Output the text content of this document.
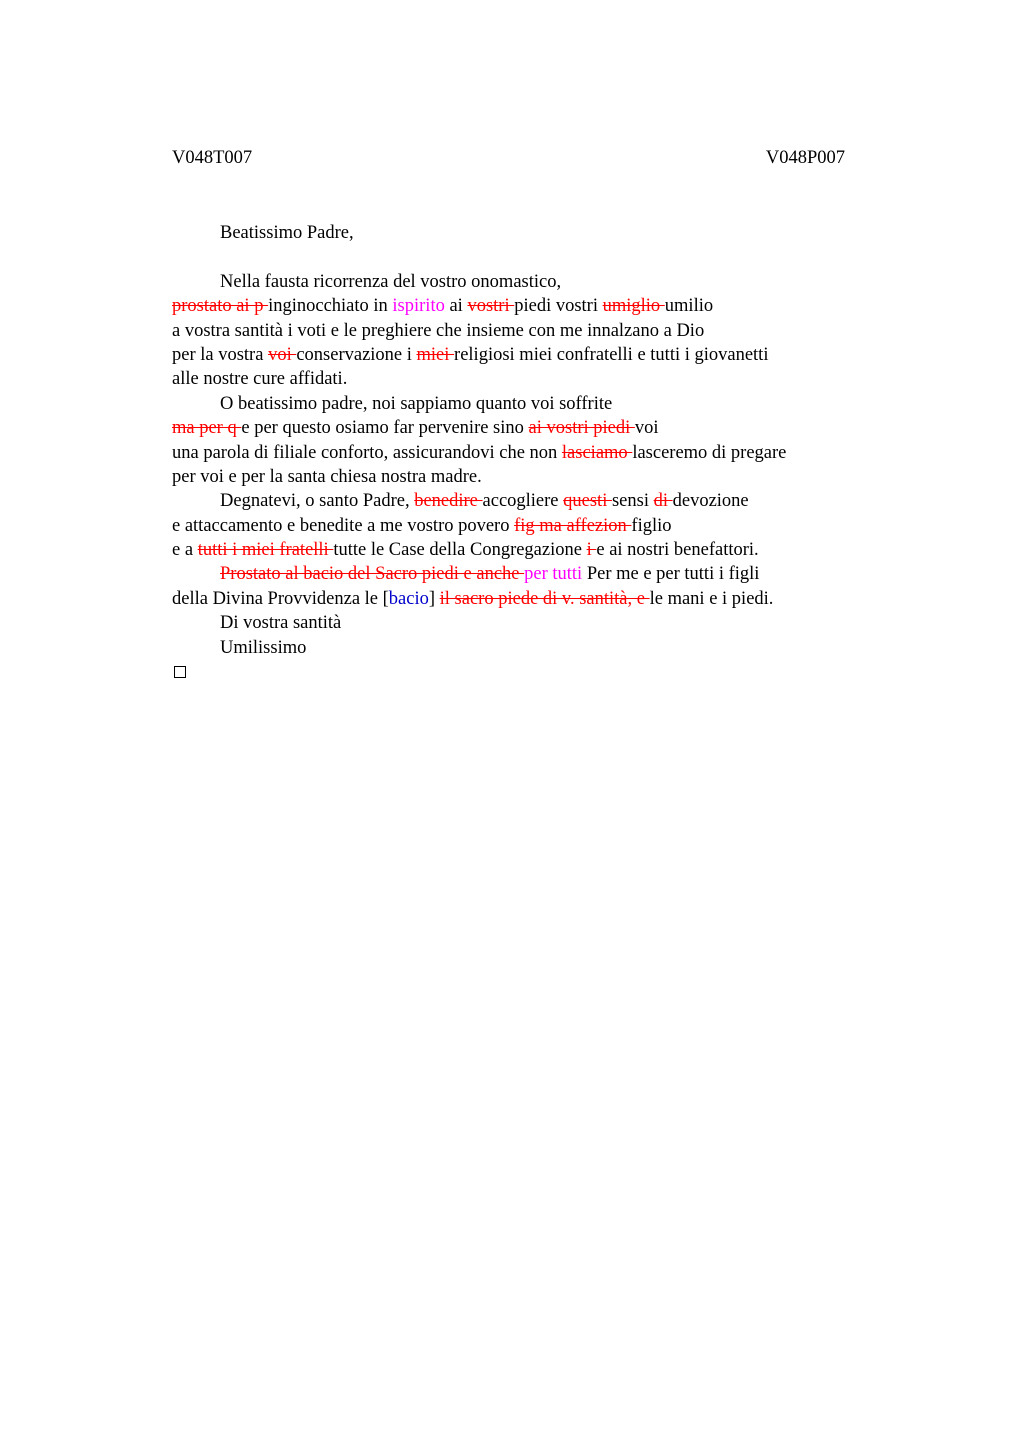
V048T007	V048P007
Beatissimo Padre,
Nella fausta ricorrenza del vostro onomastico,
prostato ai p inginocchiato in ispirito ai vostri piedi vostri umiglio umilio
a vostra santità i voti e le preghiere che insieme con me innalzano a Dio
per la vostra voi conservazione i miei religiosi miei confratelli e tutti i giovanetti
alle nostre cure affidati.
O beatissimo padre, noi sappiamo quanto voi soffrite
ma per q e per questo osiamo far pervenire sino ai vostri piedi voi
una parola di filiale conforto, assicurandovi che non lasciamo lasceremo di pregare
per voi e per la santa chiesa nostra madre.
Degnatevi, o santo Padre, benedire accogliere questi sensi di devozione
e attaccamento e benedite a me vostro povero fig ma affezion figlio
e a tutti i miei fratelli tutte le Case della Congregazione i e ai nostri benefattori.
Prostato al bacio del Sacro piedi e anche per tutti Per me e per tutti i figli
della Divina Provvidenza le [bacio] il sacro piede di v. santità, e le mani e i piedi.
Di vostra santità
Umilissimo
